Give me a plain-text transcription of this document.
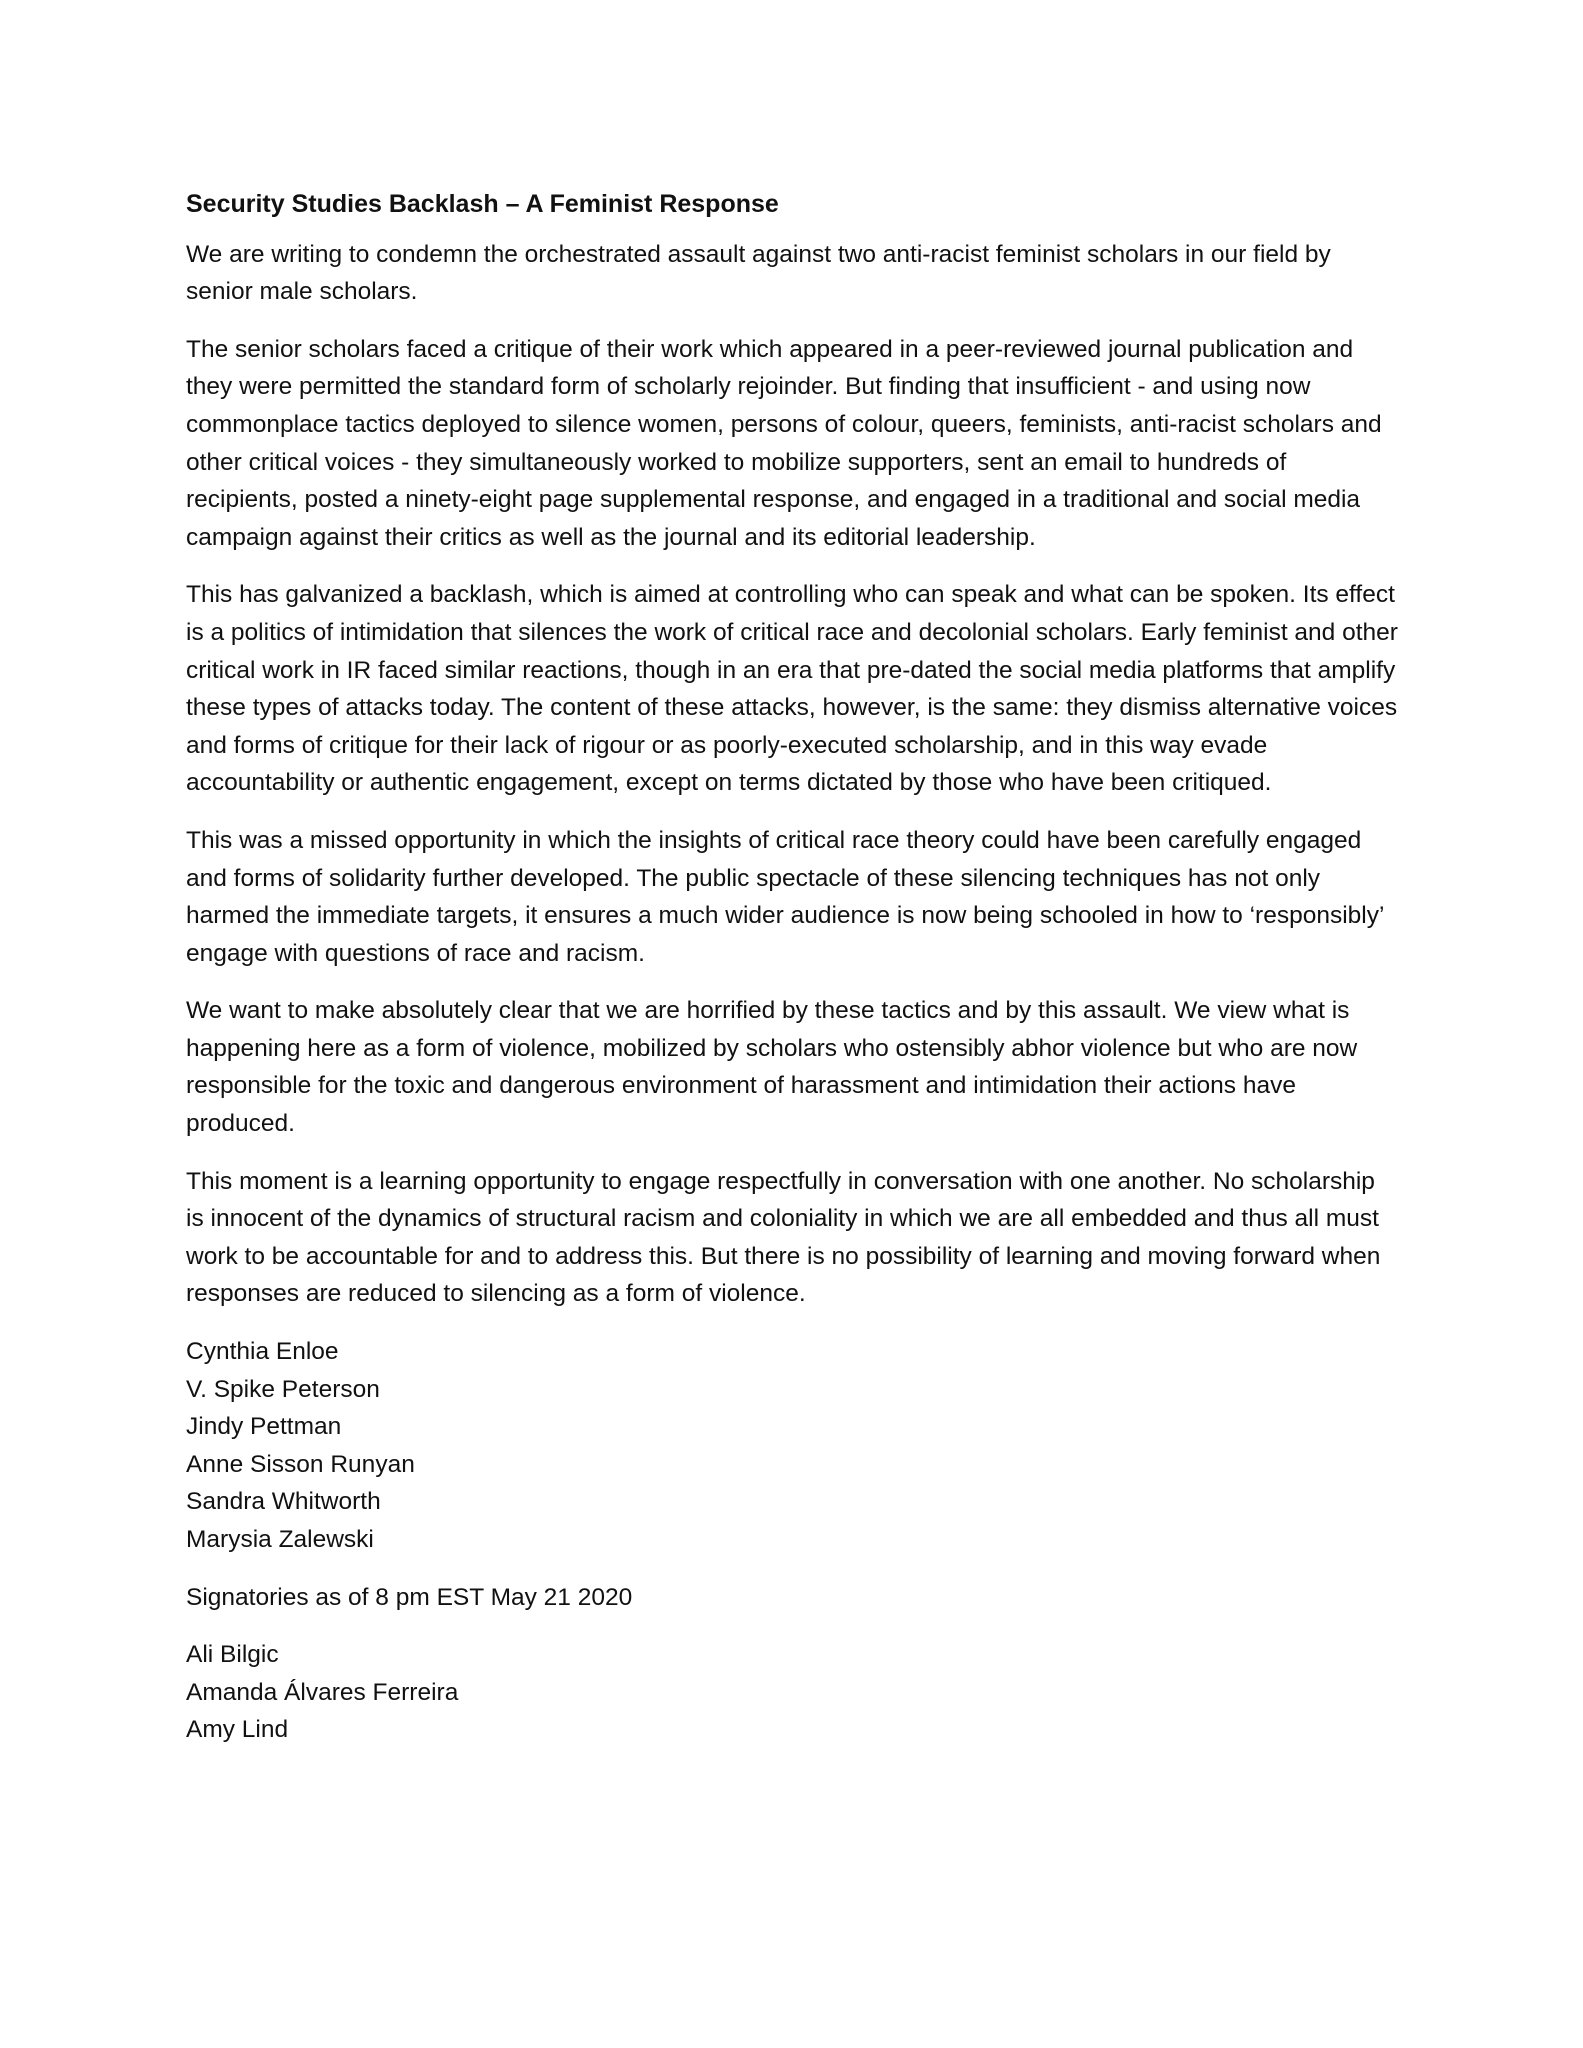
Security Studies Backlash – A Feminist Response

We are writing to condemn the orchestrated assault against two anti-racist feminist scholars in our field by senior male scholars.

The senior scholars faced a critique of their work which appeared in a peer-reviewed journal publication and they were permitted the standard form of scholarly rejoinder. But finding that insufficient - and using now commonplace tactics deployed to silence women, persons of colour, queers, feminists, anti-racist scholars and other critical voices - they simultaneously worked to mobilize supporters, sent an email to hundreds of recipients, posted a ninety-eight page supplemental response, and engaged in a traditional and social media campaign against their critics as well as the journal and its editorial leadership.

This has galvanized a backlash, which is aimed at controlling who can speak and what can be spoken. Its effect is a politics of intimidation that silences the work of critical race and decolonial scholars. Early feminist and other critical work in IR faced similar reactions, though in an era that pre-dated the social media platforms that amplify these types of attacks today. The content of these attacks, however, is the same: they dismiss alternative voices and forms of critique for their lack of rigour or as poorly-executed scholarship, and in this way evade accountability or authentic engagement, except on terms dictated by those who have been critiqued.

This was a missed opportunity in which the insights of critical race theory could have been carefully engaged and forms of solidarity further developed. The public spectacle of these silencing techniques has not only harmed the immediate targets, it ensures a much wider audience is now being schooled in how to ‘responsibly’ engage with questions of race and racism.

We want to make absolutely clear that we are horrified by these tactics and by this assault. We view what is happening here as a form of violence, mobilized by scholars who ostensibly abhor violence but who are now responsible for the toxic and dangerous environment of harassment and intimidation their actions have produced.

This moment is a learning opportunity to engage respectfully in conversation with one another. No scholarship is innocent of the dynamics of structural racism and coloniality in which we are all embedded and thus all must work to be accountable for and to address this. But there is no possibility of learning and moving forward when responses are reduced to silencing as a form of violence.

Cynthia Enloe
V. Spike Peterson
Jindy Pettman
Anne Sisson Runyan
Sandra Whitworth
Marysia Zalewski

Signatories as of 8 pm EST May 21 2020

Ali Bilgic
Amanda Álvares Ferreira
Amy Lind
